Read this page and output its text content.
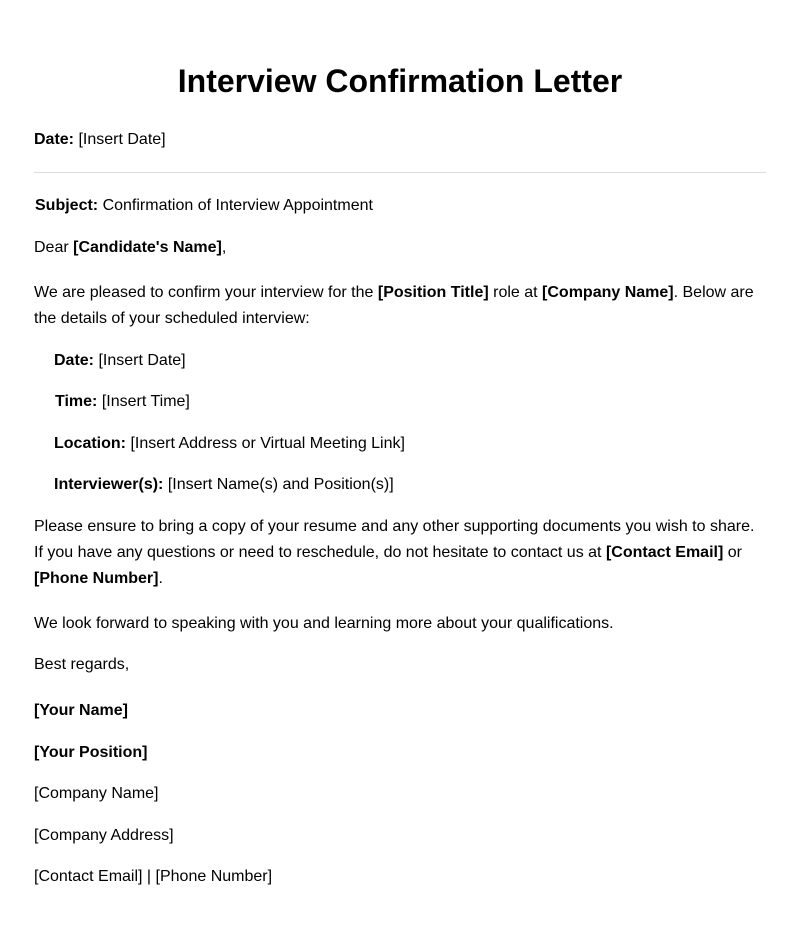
Interview Confirmation Letter

Date: [Insert Date]

Subject: Confirmation of Interview Appointment

Dear [Candidate's Name],

We are pleased to confirm your interview for the [Position Title] role at [Company Name]. Below are the details of your scheduled interview:

Date: [Insert Date]

Time: [Insert Time]

Location: [Insert Address or Virtual Meeting Link]

Interviewer(s): [Insert Name(s) and Position(s)]

Please ensure to bring a copy of your resume and any other supporting documents you wish to share. If you have any questions or need to reschedule, do not hesitate to contact us at [Contact Email] or [Phone Number].

We look forward to speaking with you and learning more about your qualifications.

Best regards,

[Your Name]

[Your Position]

[Company Name]

[Company Address]

[Contact Email] | [Phone Number]
